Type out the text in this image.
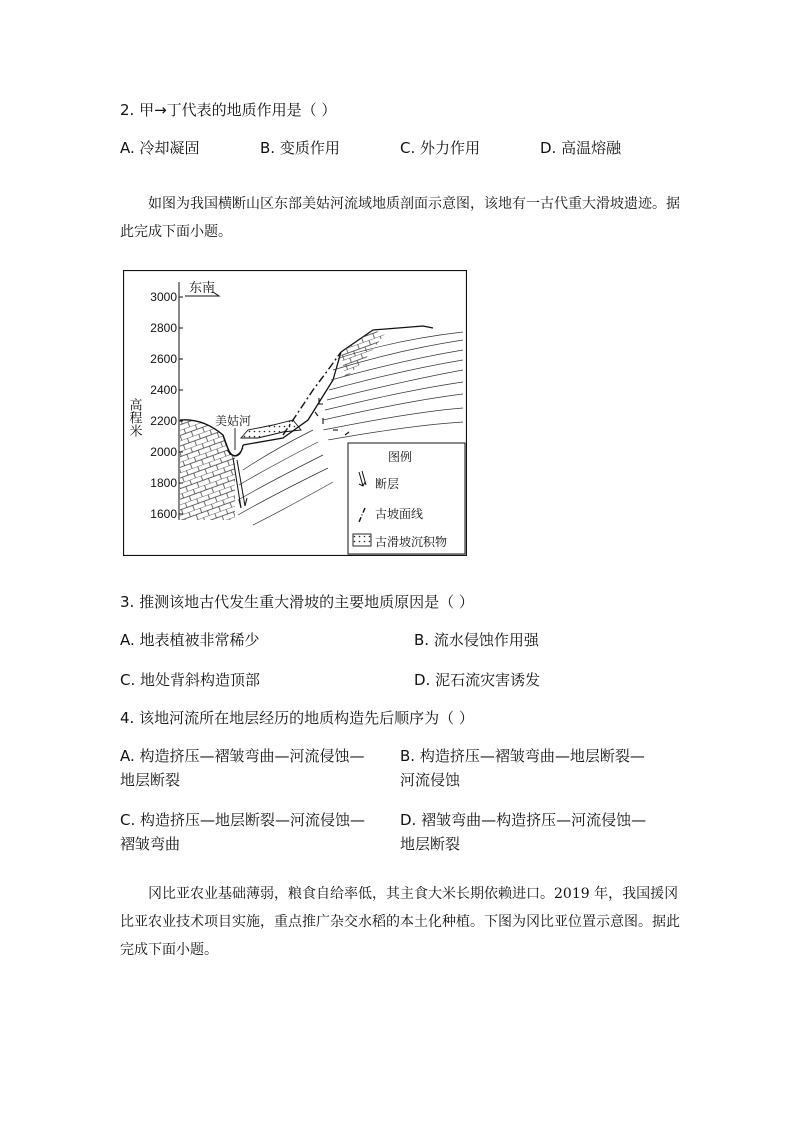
2. 甲→丁代表的地质作用是（ ）
A. 冷却凝固	B. 变质作用	C. 外力作用	D. 高温熔融
如图为我国横断山区东部美姑河流域地质剖面示意图，该地有一古代重大滑坡遗迹。据此完成下面小题。
3000
2800
2600
2400
2200
2000
1800
1600
高程米
东南
美姑河
图例
断层
古坡面线
古滑坡沉积物
3. 推测该地古代发生重大滑坡的主要地质原因是（ ）
A. 地表植被非常稀少	B. 流水侵蚀作用强
C. 地处背斜构造顶部	D. 泥石流灾害诱发
4. 该地河流所在地层经历的地质构造先后顺序为（ ）
A. 构造挤压—褶皱弯曲—河流侵蚀—
地层断裂
B. 构造挤压—褶皱弯曲—地层断裂—
河流侵蚀
C. 构造挤压—地层断裂—河流侵蚀—
褶皱弯曲
D. 褶皱弯曲—构造挤压—河流侵蚀—
地层断裂
冈比亚农业基础薄弱，粮食自给率低，其主食大米长期依赖进口。2019 年，我国援冈比亚农业技术项目实施，重点推广杂交水稻的本土化种植。下图为冈比亚位置示意图。据此完成下面小题。
